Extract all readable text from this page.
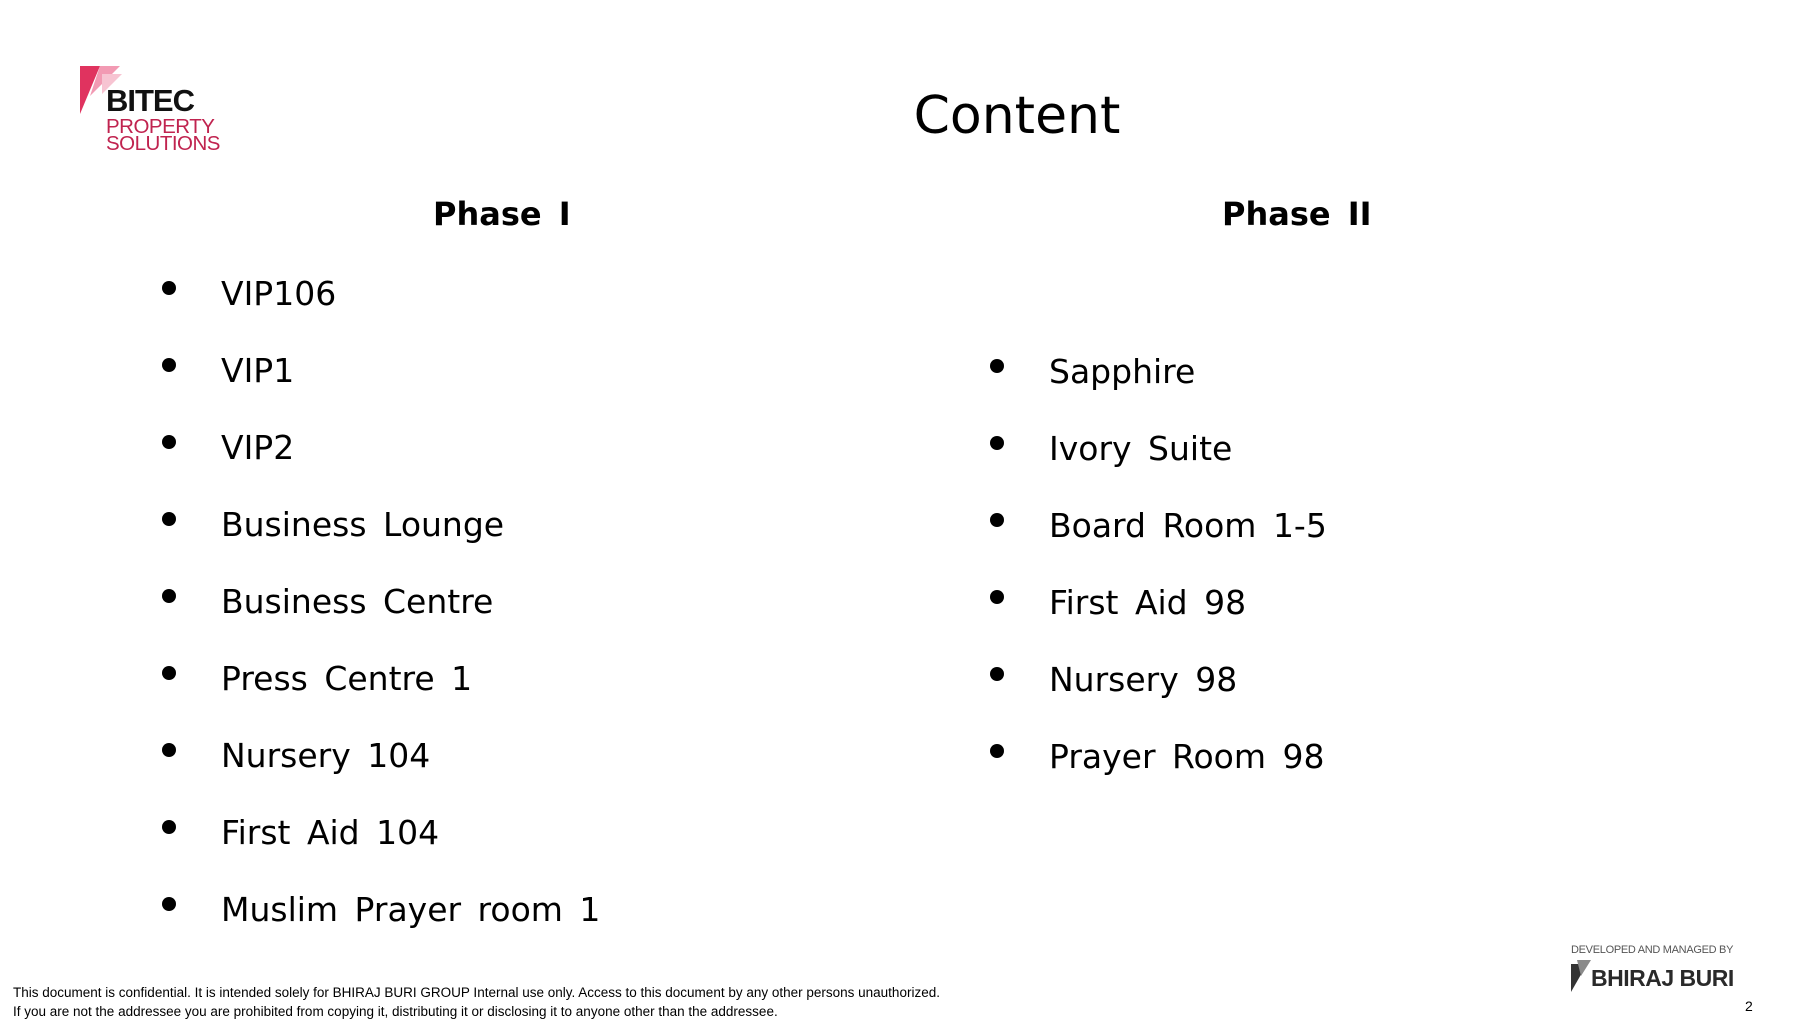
BITEC
PROPERTY
SOLUTIONS	Content
Phase I	Phase II
VIP106
VIP1
VIP2
Business Lounge
Business Centre
Press Centre 1
Nursery 104
First Aid 104
Muslim Prayer room 1
Sapphire
Ivory Suite
Board Room 1-5
First Aid 98
Nursery 98
Prayer Room 98
DEVELOPED AND MANAGED BY
BHIRAJ BURI
This document is confidential. It is intended solely for BHIRAJ BURI GROUP Internal use only. Access to this document by any other persons unauthorized.
If you are not the addressee you are prohibited from copying it, distributing it or disclosing it to anyone other than the addressee.	2
